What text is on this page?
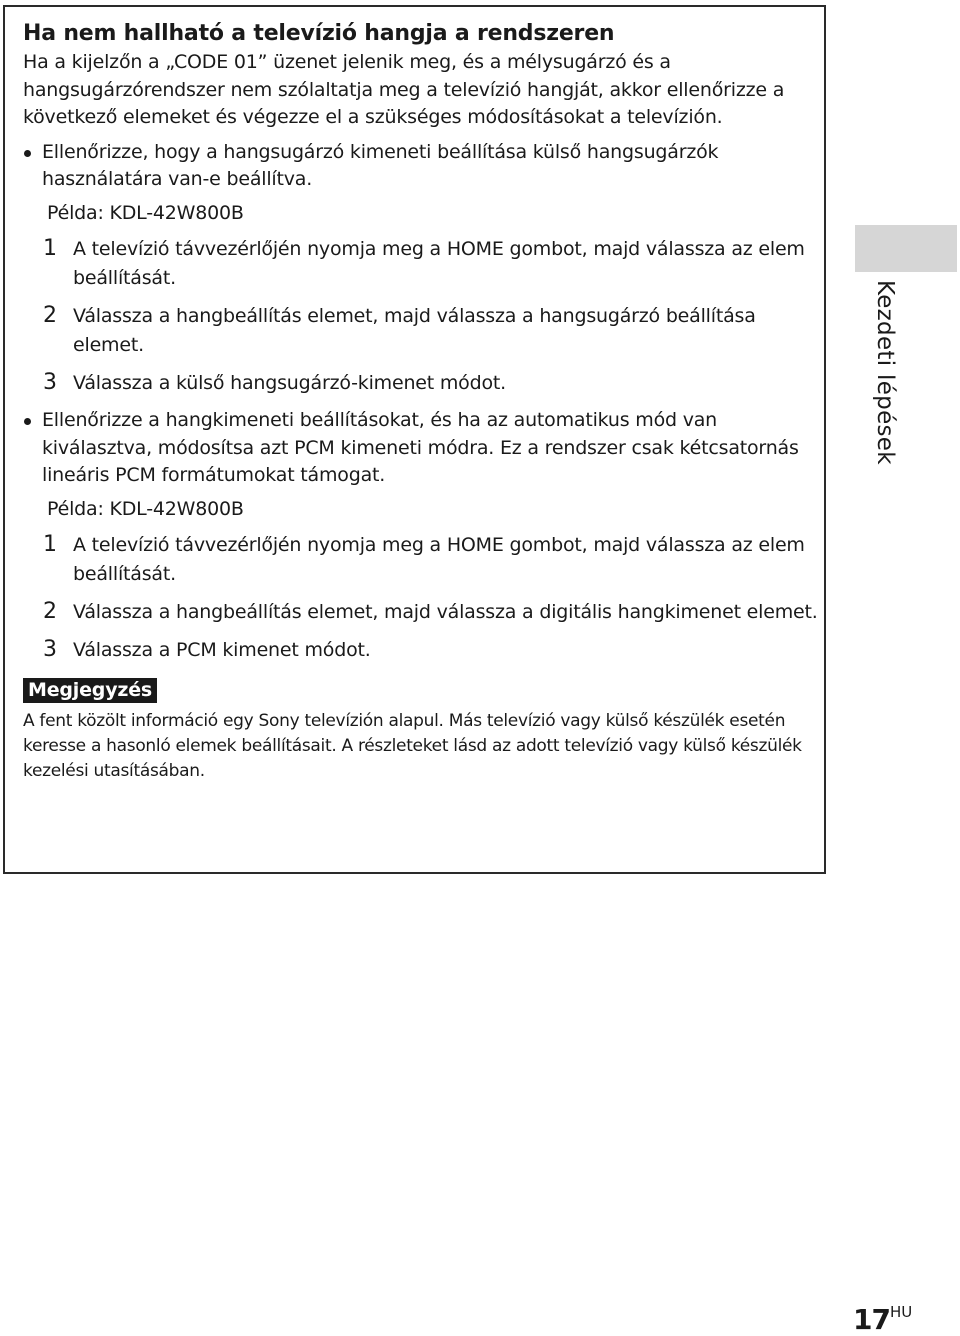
Ha nem hallható a televízió hangja a rendszeren

Ha a kijelzőn a „CODE 01” üzenet jelenik meg, és a mélysugárzó és a hangsugárzórendszer nem szólaltatja meg a televízió hangját, akkor ellenőrizze a következő elemeket és végezze el a szükséges módosításokat a televízión.

Ellenőrizze, hogy a hangsugárzó kimeneti beállítása külső hangsugárzók használatára van-e beállítva.
Példa: KDL-42W800B
1 A televízió távvezérlőjén nyomja meg a HOME gombot, majd válassza az elem beállítását.
2 Válassza a hangbeállítás elemet, majd válassza a hangsugárzó beállítása elemet.
3 Válassza a külső hangsugárzó-kimenet módot.
Ellenőrizze a hangkimeneti beállításokat, és ha az automatikus mód van kiválasztva, módosítsa azt PCM kimeneti módra. Ez a rendszer csak kétcsatornás lineáris PCM formátumokat támogat.
Példa: KDL-42W800B
1 A televízió távvezérlőjén nyomja meg a HOME gombot, majd válassza az elem beállítását.
2 Válassza a hangbeállítás elemet, majd válassza a digitális hangkimenet elemet.
3 Válassza a PCM kimenet módot.
Megjegyzés
A fent közölt információ egy Sony televízión alapul. Más televízió vagy külső készülék esetén keresse a hasonló elemek beállításait. A részleteket lásd az adott televízió vagy külső készülék kezelési utasításában.
Kezdeti lépések
$17^{HU}$
